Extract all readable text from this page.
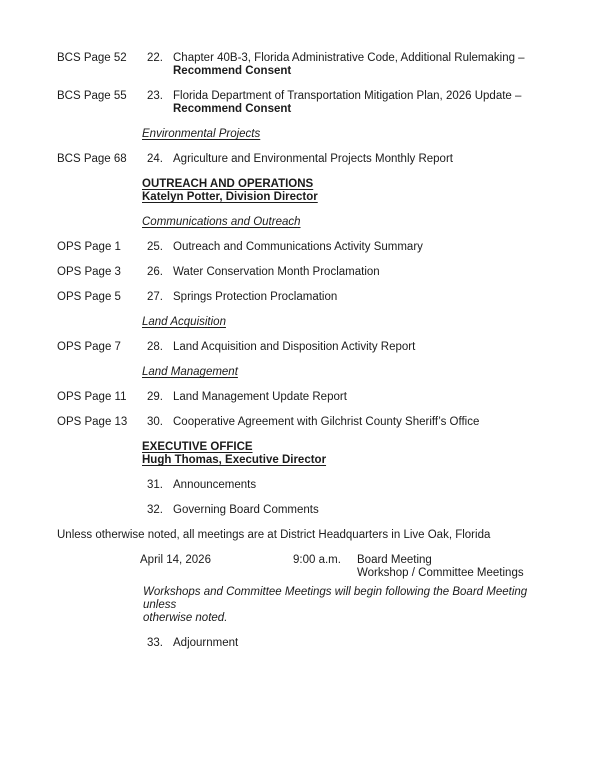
BCS Page 52	22. Chapter 40B-3, Florida Administrative Code, Additional Rulemaking –
Recommend Consent
BCS Page 55	23. Florida Department of Transportation Mitigation Plan, 2026 Update –
Recommend Consent
Environmental Projects
BCS Page 68	24. Agriculture and Environmental Projects Monthly Report
OUTREACH AND OPERATIONS
Katelyn Potter, Division Director
Communications and Outreach
OPS Page 1	25. Outreach and Communications Activity Summary
OPS Page 3	26. Water Conservation Month Proclamation
OPS Page 5	27. Springs Protection Proclamation
Land Acquisition
OPS Page 7	28. Land Acquisition and Disposition Activity Report
Land Management
OPS Page 11	29. Land Management Update Report
OPS Page 13	30. Cooperative Agreement with Gilchrist County Sheriff’s Office
EXECUTIVE OFFICE
Hugh Thomas, Executive Director
31. Announcements
32. Governing Board Comments
Unless otherwise noted, all meetings are at District Headquarters in Live Oak, Florida
April 14, 2026	9:00 a.m.	Board Meeting
Workshop / Committee Meetings
Workshops and Committee Meetings will begin following the Board Meeting unless
otherwise noted.
33. Adjournment
